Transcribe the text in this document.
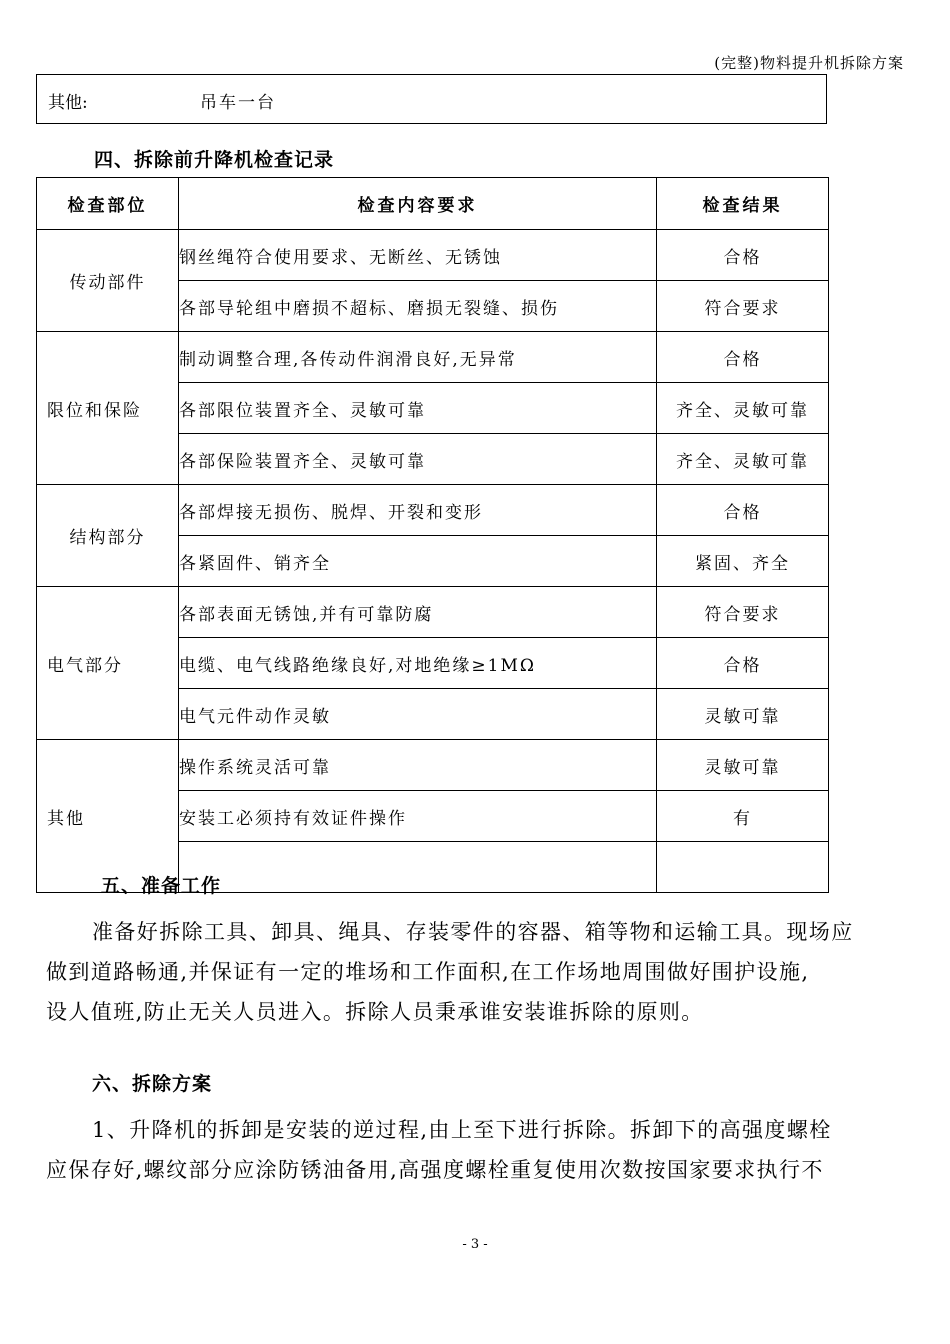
(完整)物料提升机拆除方案
其他:	吊车一台
四、拆除前升降机检查记录
检查部位	检查内容要求	检查结果
传动部件	钢丝绳符合使用要求、无断丝、无锈蚀	合格
	各部导轮组中磨损不超标、磨损无裂缝、损伤	符合要求
限位和保险	制动调整合理,各传动件润滑良好,无异常	合格
	各部限位装置齐全、灵敏可靠	齐全、灵敏可靠
	各部保险装置齐全、灵敏可靠	齐全、灵敏可靠
结构部分	各部焊接无损伤、脱焊、开裂和变形	合格
	各紧固件、销齐全	紧固、齐全
电气部分	各部表面无锈蚀,并有可靠防腐	符合要求
	电缆、电气线路绝缘良好,对地绝缘≥1MΩ	合格
	电气元件动作灵敏	灵敏可靠
其他	操作系统灵活可靠	灵敏可靠
	安装工必须持有效证件操作	有

五、准备工作
准备好拆除工具、卸具、绳具、存装零件的容器、箱等物和运输工具。现场应
做到道路畅通,并保证有一定的堆场和工作面积,在工作场地周围做好围护设施,
设人值班,防止无关人员进入。拆除人员秉承谁安装谁拆除的原则。
六、拆除方案
1、升降机的拆卸是安装的逆过程,由上至下进行拆除。拆卸下的高强度螺栓
应保存好,螺纹部分应涂防锈油备用,高强度螺栓重复使用次数按国家要求执行不
- 3 -
